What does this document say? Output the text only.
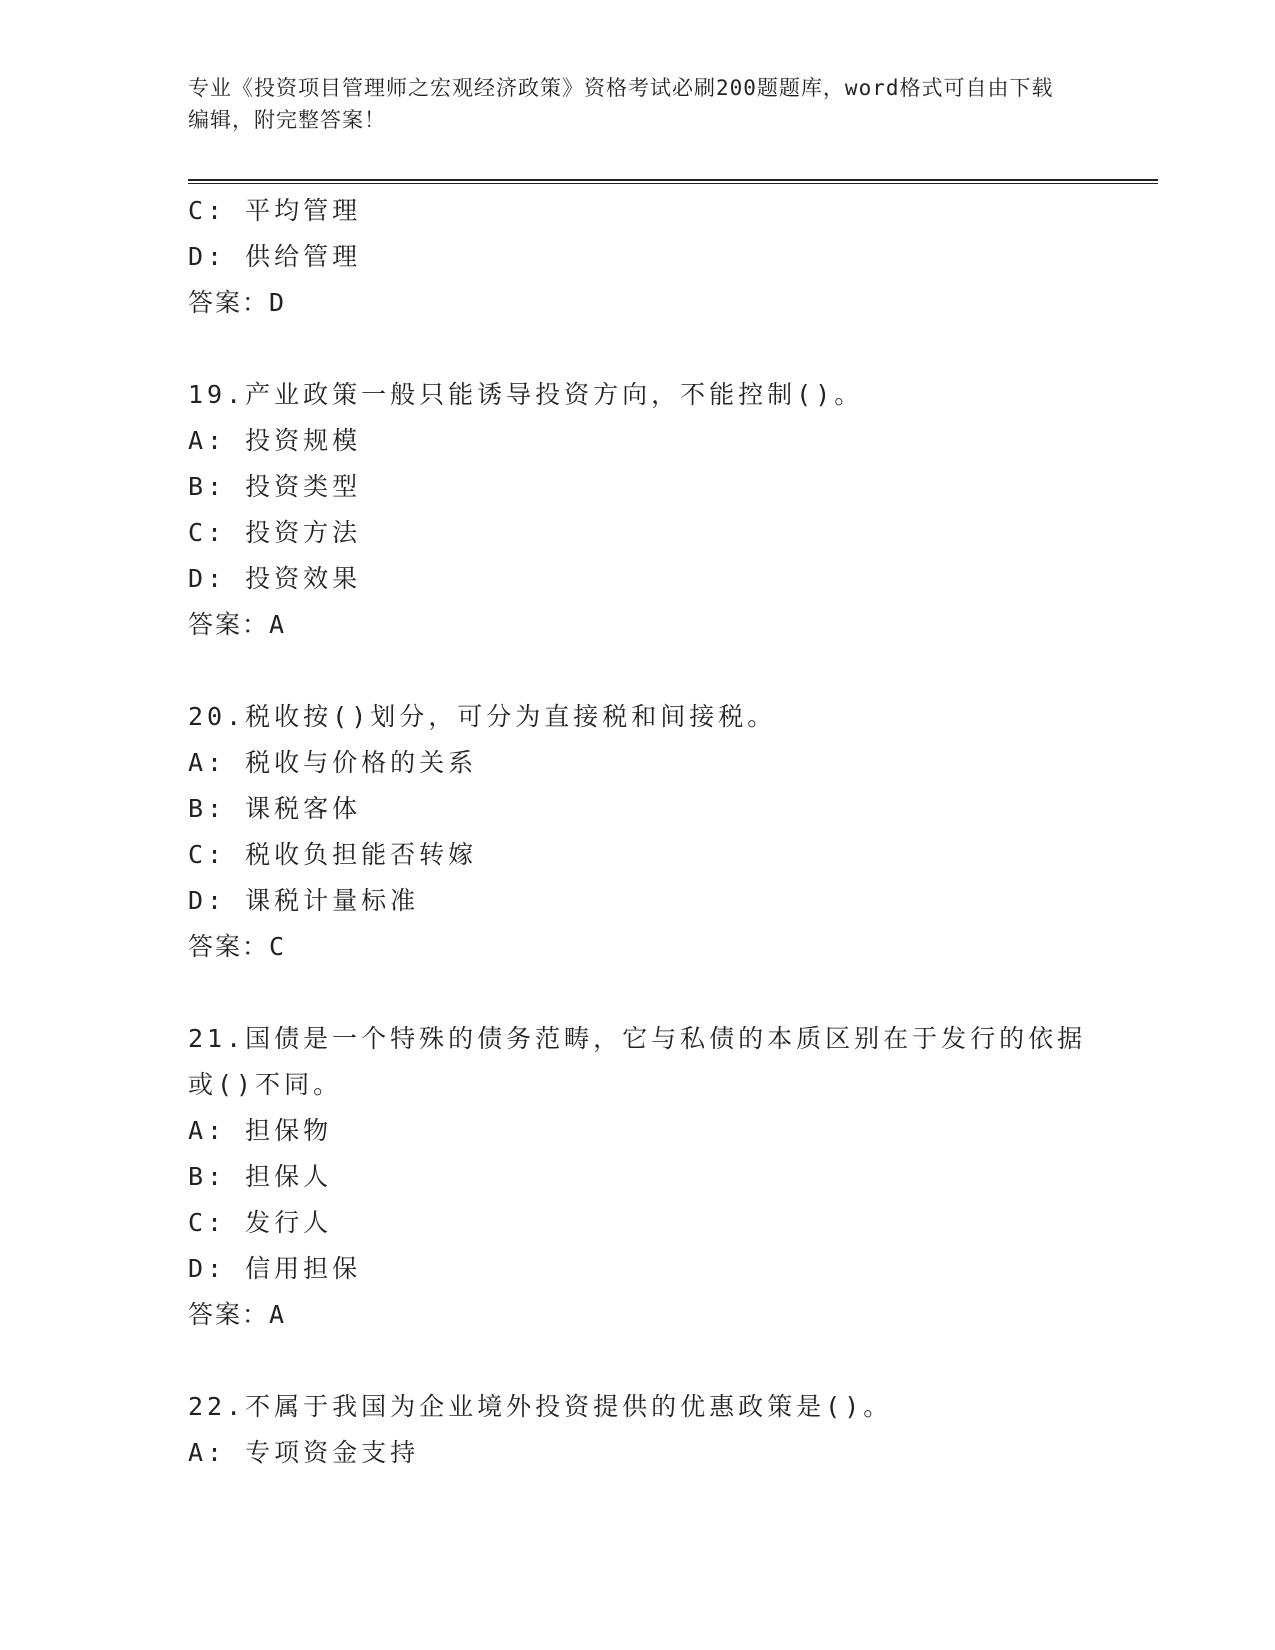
专业《投资项目管理师之宏观经济政策》资格考试必刷200题题库，word格式可自由下载编辑，附完整答案！
C: 平均管理
D: 供给管理
答案：D
19.产业政策一般只能诱导投资方向，不能控制()。
A: 投资规模
B: 投资类型
C: 投资方法
D: 投资效果
答案：A
20.税收按()划分，可分为直接税和间接税。
A: 税收与价格的关系
B: 课税客体
C: 税收负担能否转嫁
D: 课税计量标准
答案：C
21.国债是一个特殊的债务范畴，它与私债的本质区别在于发行的依据
或()不同。
A: 担保物
B: 担保人
C: 发行人
D: 信用担保
答案：A
22.不属于我国为企业境外投资提供的优惠政策是()。
A: 专项资金支持
